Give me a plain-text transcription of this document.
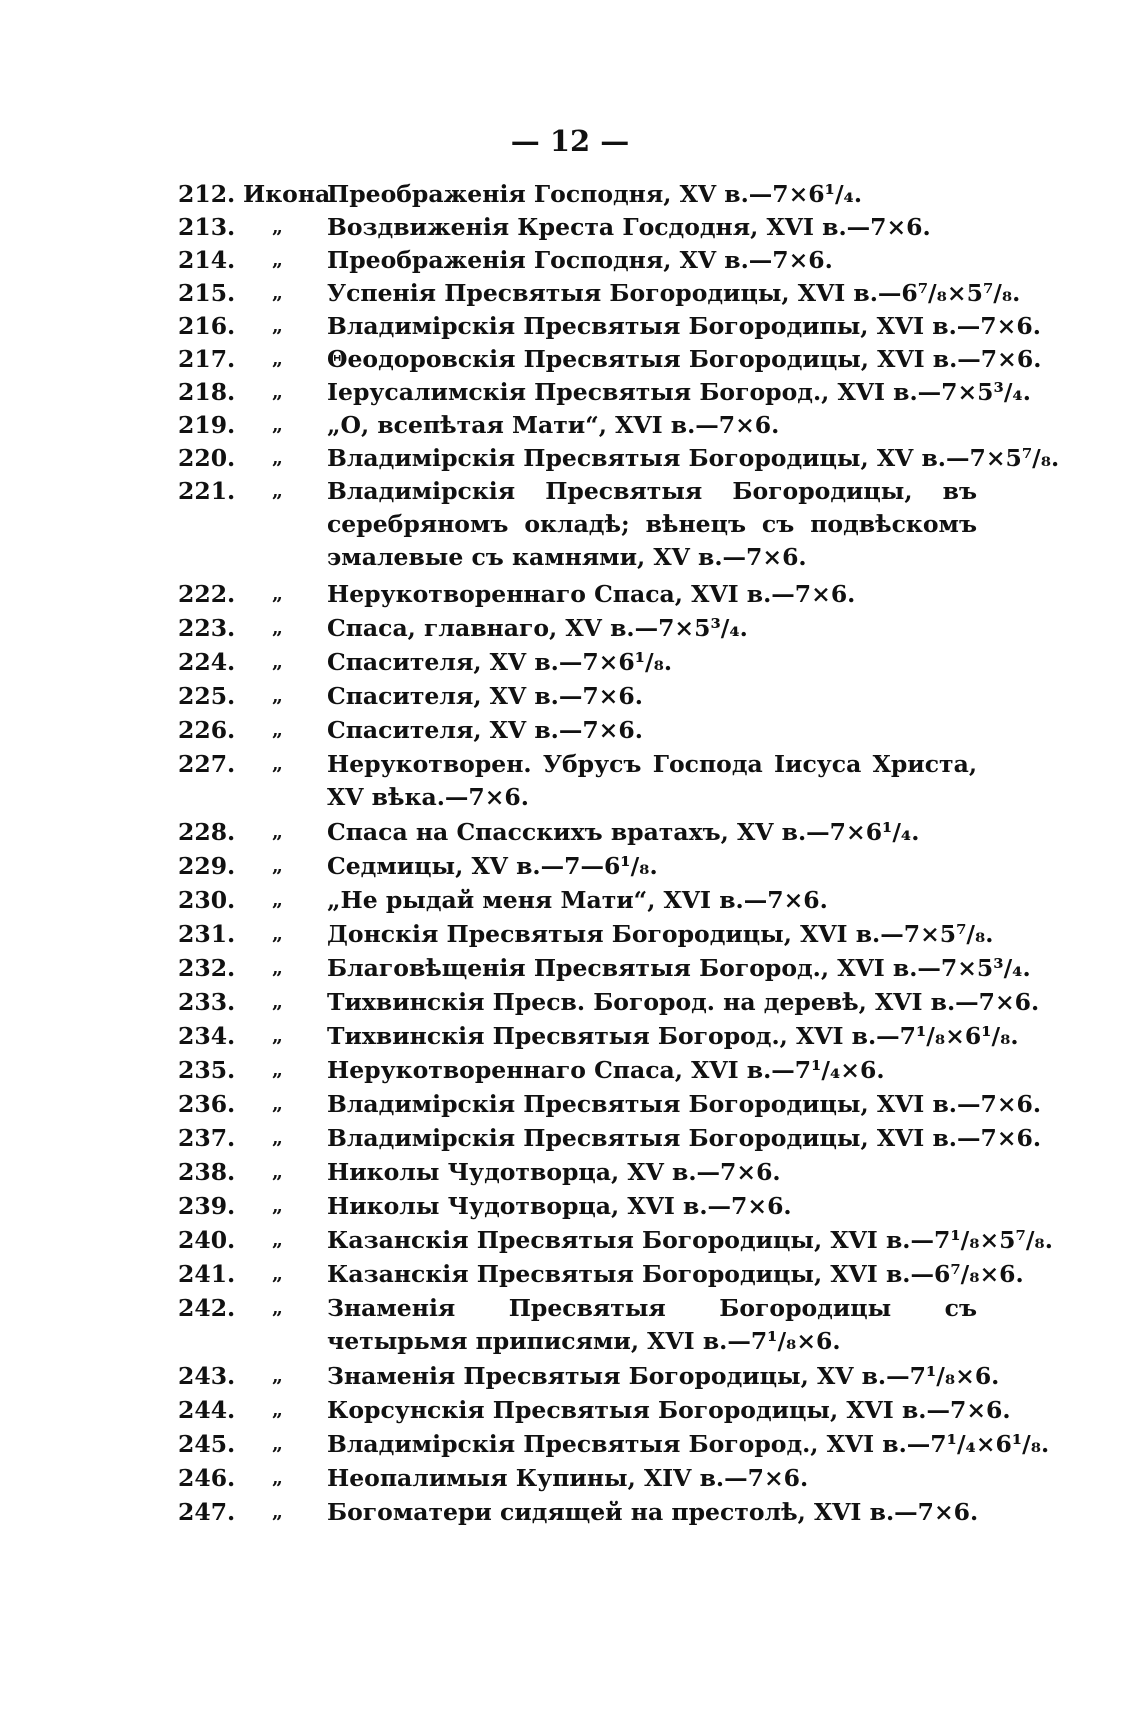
— 12 —
212. Икона
Преображенія Господня, XV в.—7×6¹/₄.
213. „ Воздвиженія Креста Госдодня, XVI в.—7×6.
214. „ Преображенія Господня, XV в.—7×6.
215. „ Успенія Пресвятыя Богородицы, XVI в.—6⁷/₈×5⁷/₈.
216. „ Владимірскія Пресвятыя Богородипы, XVI в.—7×6.
217. „ Θеодоровскія Пресвятыя Богородицы, XVI в.—7×6.
218. „ Iерусалимскія Пресвятыя Богород., XVI в.—7×5³/₄.
219. „ „О, всепѣтая Мати“, XVI в.—7×6.
220. „ Владимірскія Пресвятыя Богородицы, XV в.—7×5⁷/₈.
221. „ Владимірскія Пресвятыя Богородицы, въ серебряномъ окладѣ; вѣнецъ съ подвѣскомъ эмалевые съ камнями, XV в.—7×6.
222. „ Нерукотвореннаго Спаса, XVI в.—7×6.
223. „ Спаса, главнаго, XV в.—7×5³/₄.
224. „ Спасителя, XV в.—7×6¹/₈.
225. „ Спасителя, XV в.—7×6.
226. „ Спасителя, XV в.—7×6.
227. „ Нерукотворен. Убрусъ Господа Iисуса Христа, XV вѣка.—7×6.
228. „ Спаса на Спасскихъ вратахъ, XV в.—7×6¹/₄.
229. „ Седмицы, XV в.—7—6¹/₈.
230. „ „Не рыдай меня Мати“, XVI в.—7×6.
231. „ Донскія Пресвятыя Богородицы, XVI в.—7×5⁷/₈.
232. „ Благовѣщенія Пресвятыя Богород., XVI в.—7×5³/₄.
233. „ Тихвинскія Пресв. Богород. на деревѣ, XVI в.—7×6.
234. „ Тихвинскія Пресвятыя Богород., XVI в.—7¹/₈×6¹/₈.
235. „ Нерукотвореннаго Спаса, XVI в.—7¹/₄×6.
236. „ Владимірскія Пресвятыя Богородицы, XVI в.—7×6.
237. „ Владимірскія Пресвятыя Богородицы, XVI в.—7×6.
238. „ Николы Чудотворца, XV в.—7×6.
239. „ Николы Чудотворца, XVI в.—7×6.
240. „ Казанскія Пресвятыя Богородицы, XVI в.—7¹/₈×5⁷/₈.
241. „ Казанскія Пресвятыя Богородицы, XVI в.—6⁷/₈×6.
242. „ Знаменія Пресвятыя Богородицы съ четырьмя приписями, XVI в.—7¹/₈×6.
243. „ Знаменія Пресвятыя Богородицы, XV в.—7¹/₈×6.
244. „ Корсунскія Пресвятыя Богородицы, XVI в.—7×6.
245. „ Владимірскія Пресвятыя Богород., XVI в.—7¹/₄×6¹/₈.
246. „ Неопалимыя Купины, XIV в.—7×6.
247. „ Богоматери сидящей на престолѣ, XVI в.—7×6.
